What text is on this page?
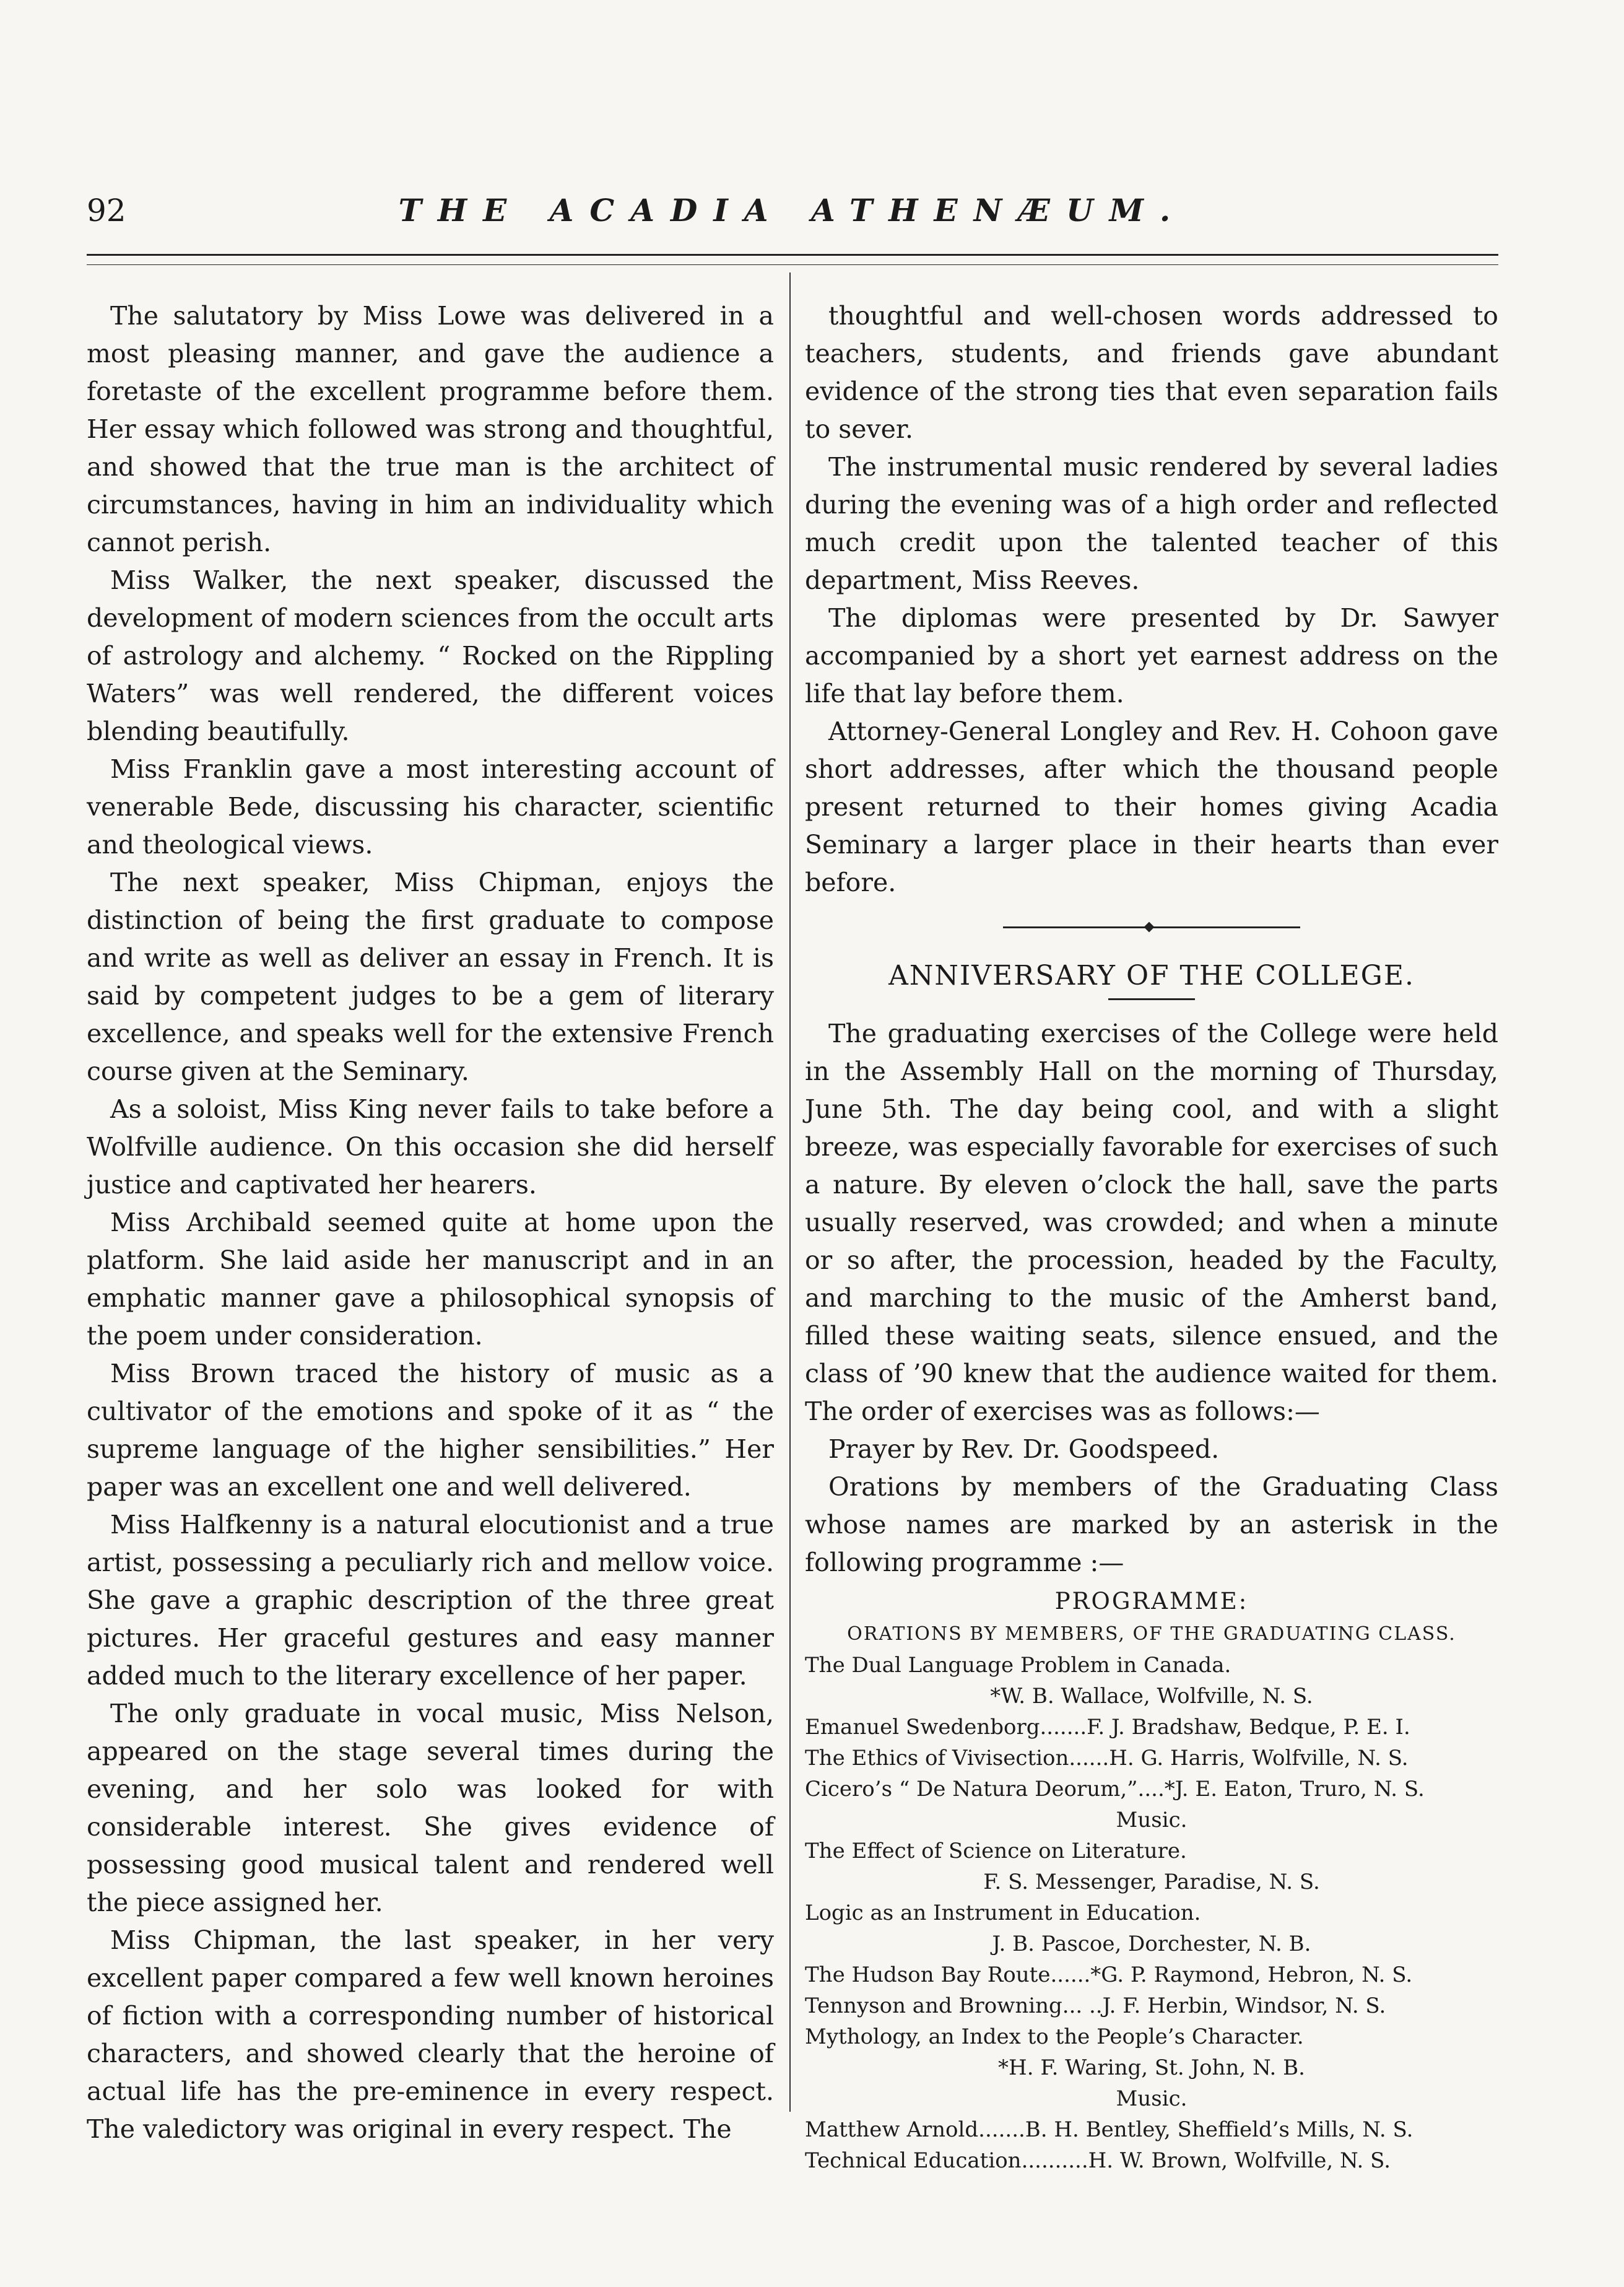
92	THE ACADIA ATHENÆUM.

The salutatory by Miss Lowe was delivered in a most pleasing manner, and gave the audience a foretaste of the excellent programme before them. Her essay which followed was strong and thoughtful, and showed that the true man is the architect of circumstances, having in him an individuality which cannot perish.

Miss Walker, the next speaker, discussed the development of modern sciences from the occult arts of astrology and alchemy. “ Rocked on the Rippling Waters” was well rendered, the different voices blending beautifully.

Miss Franklin gave a most interesting account of venerable Bede, discussing his character, scientific and theological views.

The next speaker, Miss Chipman, enjoys the distinction of being the first graduate to compose and write as well as deliver an essay in French. It is said by competent judges to be a gem of literary excellence, and speaks well for the extensive French course given at the Seminary.

As a soloist, Miss King never fails to take before a Wolfville audience. On this occasion she did herself justice and captivated her hearers.

Miss Archibald seemed quite at home upon the platform. She laid aside her manuscript and in an emphatic manner gave a philosophical synopsis of the poem under consideration.

Miss Brown traced the history of music as a cultivator of the emotions and spoke of it as “ the supreme language of the higher sensibilities.” Her paper was an excellent one and well delivered.

Miss Halfkenny is a natural elocutionist and a true artist, possessing a peculiarly rich and mellow voice. She gave a graphic description of the three great pictures. Her graceful gestures and easy manner added much to the literary excellence of her paper.

The only graduate in vocal music, Miss Nelson, appeared on the stage several times during the evening, and her solo was looked for with considerable interest. She gives evidence of possessing good musical talent and rendered well the piece assigned her.

Miss Chipman, the last speaker, in her very excellent paper compared a few well known heroines of fiction with a corresponding number of historical characters, and showed clearly that the heroine of actual life has the pre-eminence in every respect. The valedictory was original in every respect. The

thoughtful and well-chosen words addressed to teachers, students, and friends gave abundant evidence of the strong ties that even separation fails to sever.

The instrumental music rendered by several ladies during the evening was of a high order and reflected much credit upon the talented teacher of this department, Miss Reeves.

The diplomas were presented by Dr. Sawyer accompanied by a short yet earnest address on the life that lay before them.

Attorney-General Longley and Rev. H. Cohoon gave short addresses, after which the thousand people present returned to their homes giving Acadia Seminary a larger place in their hearts than ever before.

ANNIVERSARY OF THE COLLEGE.

The graduating exercises of the College were held in the Assembly Hall on the morning of Thursday, June 5th. The day being cool, and with a slight breeze, was especially favorable for exercises of such a nature. By eleven o’clock the hall, save the parts usually reserved, was crowded; and when a minute or so after, the procession, headed by the Faculty, and marching to the music of the Amherst band, filled these waiting seats, silence ensued, and the class of ’90 knew that the audience waited for them. The order of exercises was as follows:—

Prayer by Rev. Dr. Goodspeed.

Orations by members of the Graduating Class whose names are marked by an asterisk in the following programme :—

PROGRAMME:
ORATIONS BY MEMBERS, OF THE GRADUATING CLASS.
The Dual Language Problem in Canada.
*W. B. Wallace, Wolfville, N. S.
Emanuel Swedenborg.......F. J. Bradshaw, Bedque, P. E. I.
The Ethics of Vivisection......H. G. Harris, Wolfville, N. S.
Cicero’s “ De Natura Deorum,”....*J. E. Eaton, Truro, N. S.
Music.
The Effect of Science on Literature.
F. S. Messenger, Paradise, N. S.
Logic as an Instrument in Education.
J. B. Pascoe, Dorchester, N. B.
The Hudson Bay Route......*G. P. Raymond, Hebron, N. S.
Tennyson and Browning... ..J. F. Herbin, Windsor, N. S.
Mythology, an Index to the People’s Character.
*H. F. Waring, St. John, N. B.
Music.
Matthew Arnold.......B. H. Bentley, Sheffield’s Mills, N. S.
Technical Education..........H. W. Brown, Wolfville, N. S.
